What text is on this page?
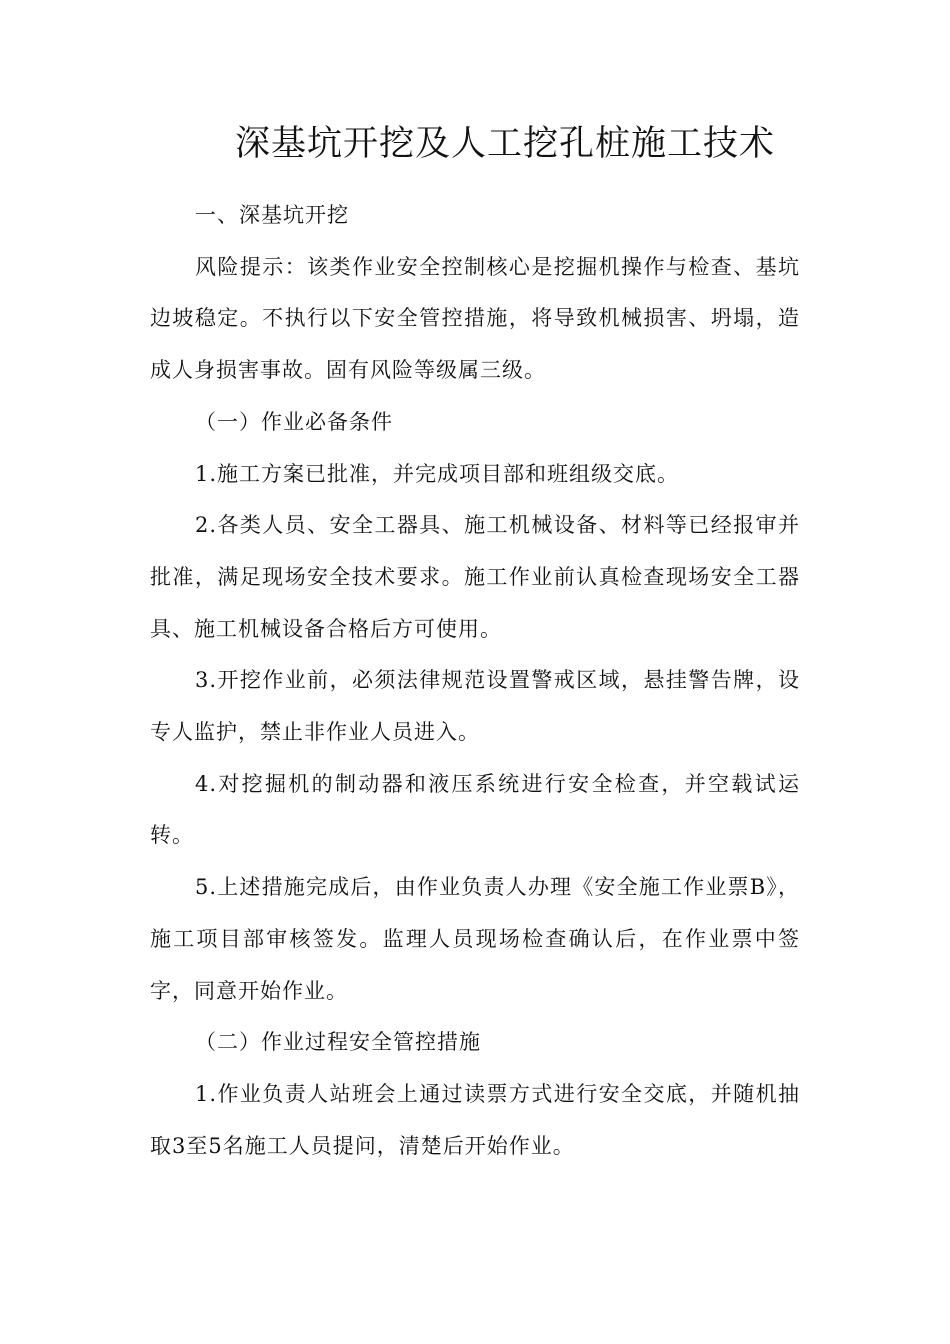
深基坑开挖及人工挖孔桩施工技术

一、深基坑开挖

风险提示：该类作业安全控制核心是挖掘机操作与检查、基坑边坡稳定。不执行以下安全管控措施，将导致机械损害、坍塌，造成人身损害事故。固有风险等级属三级。

（一）作业必备条件

1.施工方案已批准，并完成项目部和班组级交底。

2.各类人员、安全工器具、施工机械设备、材料等已经报审并批准，满足现场安全技术要求。施工作业前认真检查现场安全工器具、施工机械设备合格后方可使用。

3.开挖作业前，必须法律规范设置警戒区域，悬挂警告牌，设专人监护，禁止非作业人员进入。

4.对挖掘机的制动器和液压系统进行安全检查，并空载试运转。

5.上述措施完成后，由作业负责人办理《安全施工作业票B》，施工项目部审核签发。监理人员现场检查确认后，在作业票中签字，同意开始作业。

（二）作业过程安全管控措施

1.作业负责人站班会上通过读票方式进行安全交底，并随机抽取3至5名施工人员提问，清楚后开始作业。
